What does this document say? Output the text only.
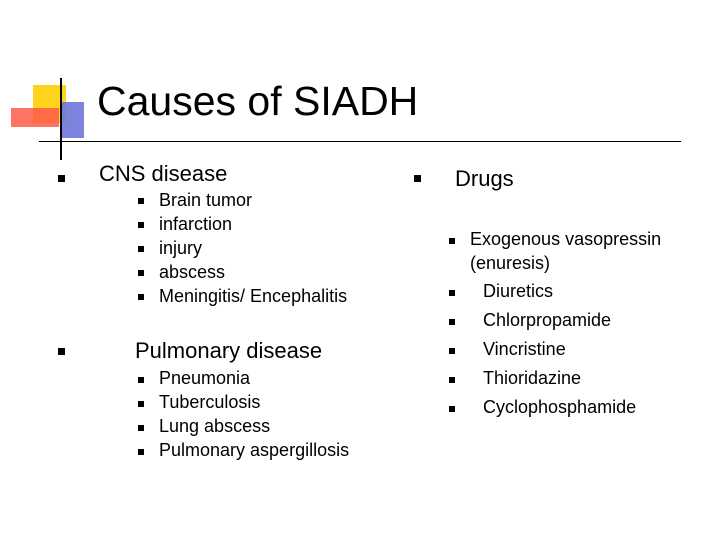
Causes of SIADH
CNS disease
Brain tumor
infarction
injury
abscess
Meningitis/ Encephalitis
Pulmonary disease
Pneumonia
Tuberculosis
Lung abscess
Pulmonary aspergillosis
Drugs
Exogenous vasopressin
(enuresis)
Diuretics
Chlorpropamide
Vincristine
Thioridazine
Cyclophosphamide
